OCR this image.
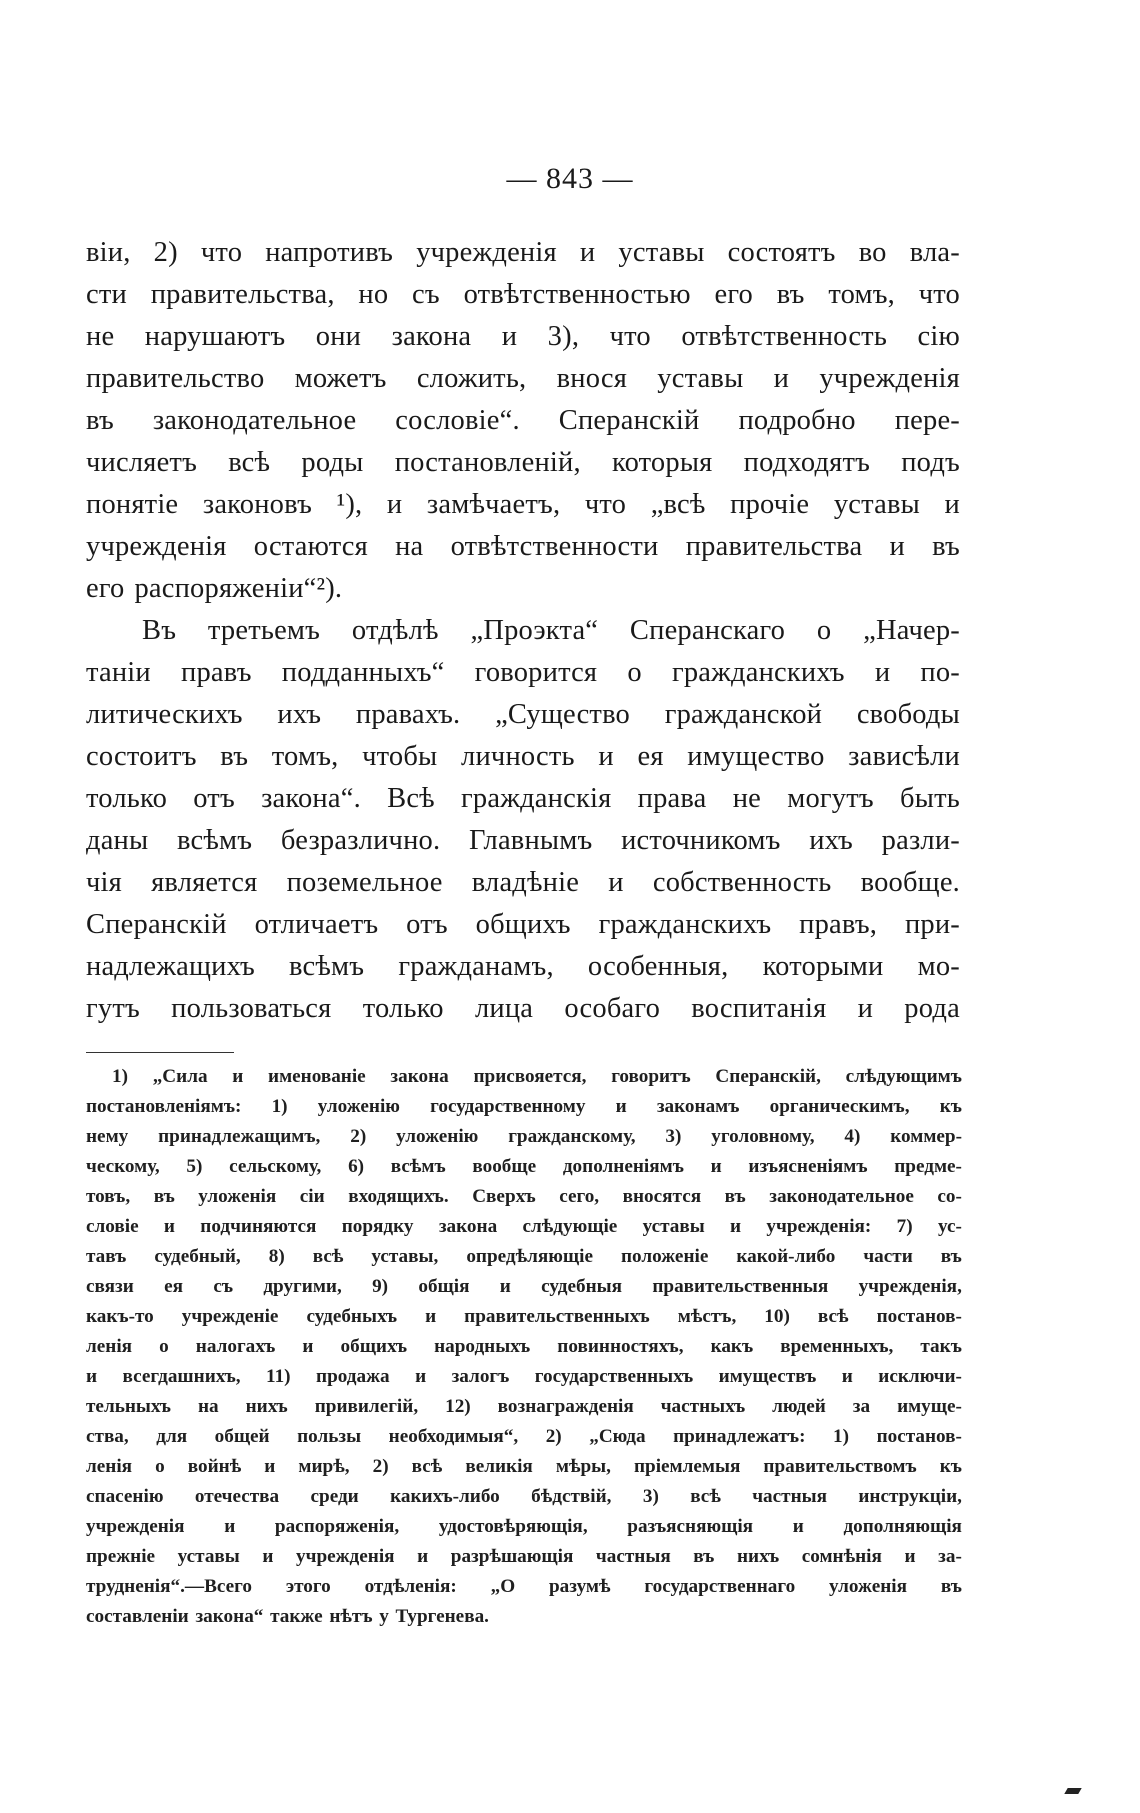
— 843 —
віи, 2) что напротивъ учрежденія и уставы состоятъ во вла-
сти правительства, но съ отвѣтственностью его въ томъ, что
не нарушаютъ они закона и 3), что отвѣтственность сію
правительство можетъ сложить, внося уставы и учрежденія
въ законодательное сословіе“. Сперанскій подробно пере-
числяетъ всѣ роды постановленій, которыя подходятъ подъ
понятіе законовъ ¹), и замѣчаетъ, что „всѣ прочіе уставы и
учрежденія остаются на отвѣтственности правительства и въ
его распоряженіи“²).
Въ третьемъ отдѣлѣ „Проэкта“ Сперанскаго о „Начер-
таніи правъ подданныхъ“ говорится о гражданскихъ и по-
литическихъ ихъ правахъ. „Существо гражданской свободы
состоитъ въ томъ, чтобы личность и ея имущество зависѣли
только отъ закона“. Всѣ гражданскія права не могутъ быть
даны всѣмъ безразлично. Главнымъ источникомъ ихъ разли-
чія является поземельное владѣніе и собственность вообще.
Сперанскій отличаетъ отъ общихъ гражданскихъ правъ, при-
надлежащихъ всѣмъ гражданамъ, особенныя, которыми мо-
гутъ пользоваться только лица особаго воспитанія и рода
1) „Сила и именованіе закона присвояется, говоритъ Сперанскій, слѣдующимъ
постановленіямъ: 1) уложенію государственному и законамъ органическимъ, къ
нему принадлежащимъ, 2) уложенію гражданскому, 3) уголовному, 4) коммер-
ческому, 5) сельскому, 6) всѣмъ вообще дополненіямъ и изъясненіямъ предме-
товъ, въ уложенія сіи входящихъ. Сверхъ сего, вносятся въ законодательное со-
словіе и подчиняются порядку закона слѣдующіе уставы и учрежденія: 7) ус-
тавъ судебный, 8) всѣ уставы, опредѣляющіе положеніе какой-либо части въ
связи ея съ другими, 9) общія и судебныя правительственныя учрежденія,
какъ-то учрежденіе судебныхъ и правительственныхъ мѣстъ, 10) всѣ постанов-
ленія о налогахъ и общихъ народныхъ повинностяхъ, какъ временныхъ, такъ
и всегдашнихъ, 11) продажа и залогъ государственныхъ имуществъ и исключи-
тельныхъ на нихъ привилегій, 12) вознагражденія частныхъ людей за имуще-
ства, для общей пользы необходимыя“, 2) „Сюда принадлежатъ: 1) постанов-
ленія о войнѣ и мирѣ, 2) всѣ великія мѣры, пріемлемыя правительствомъ къ
спасенію отечества среди какихъ-либо бѣдствій, 3) всѣ частныя инструкціи,
учрежденія и распоряженія, удостовѣряющія, разъясняющія и дополняющія
прежніе уставы и учрежденія и разрѣшающія частныя въ нихъ сомнѣнія и за-
трудненія“.—Всего этого отдѣленія: „О разумѣ государственнаго уложенія въ
составленіи закона“ также нѣтъ у Тургенева.
